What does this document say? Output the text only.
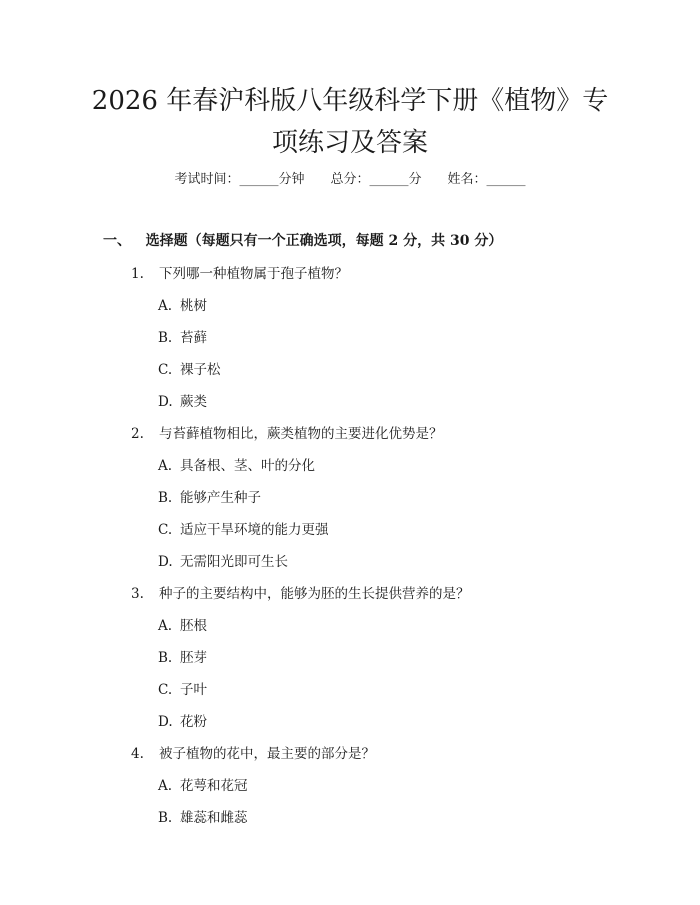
2026 年春沪科版八年级科学下册《植物》专项练习及答案
考试时间：______分钟　　总分：______分　　姓名：______
一、 选择题（每题只有一个正确选项，每题 2 分，共 30 分）
1. 下列哪一种植物属于孢子植物？
A. 桃树
B. 苔藓
C. 裸子松
D. 蕨类
2. 与苔藓植物相比，蕨类植物的主要进化优势是？
A. 具备根、茎、叶的分化
B. 能够产生种子
C. 适应干旱环境的能力更强
D. 无需阳光即可生长
3. 种子的主要结构中，能够为胚的生长提供营养的是？
A. 胚根
B. 胚芽
C. 子叶
D. 花粉
4. 被子植物的花中，最主要的部分是？
A. 花萼和花冠
B. 雄蕊和雌蕊
